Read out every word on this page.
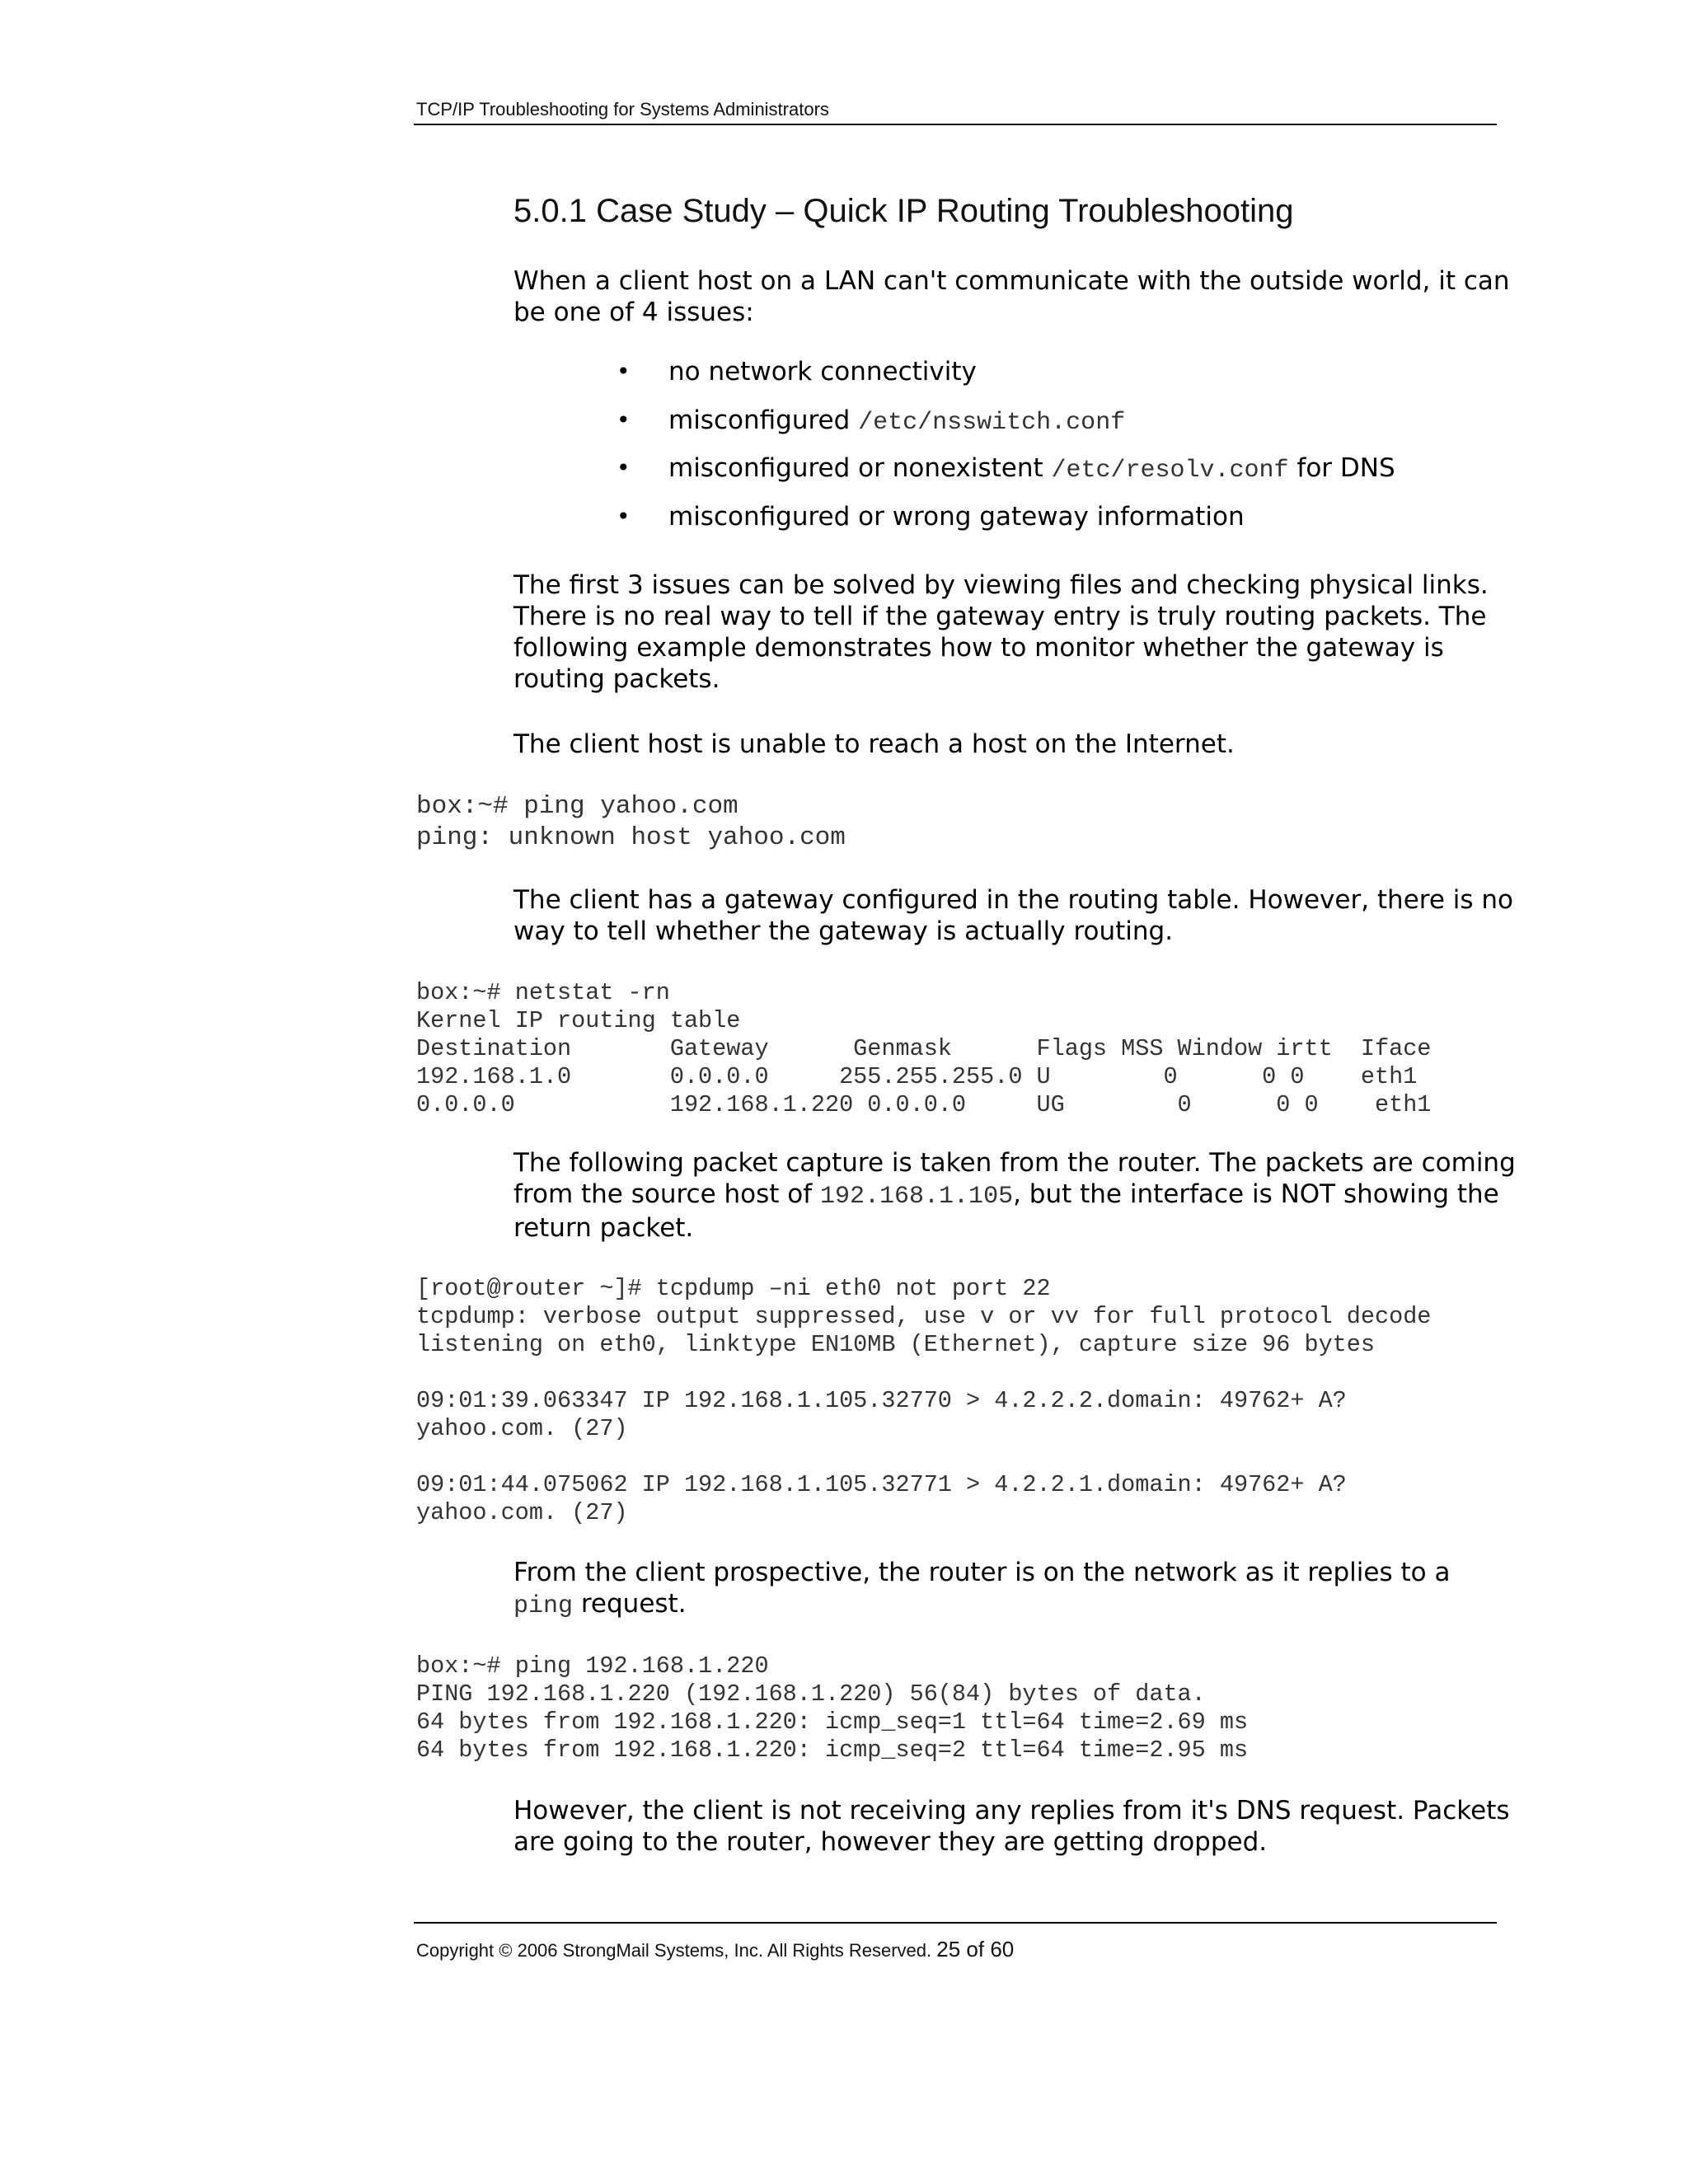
TCP/IP Troubleshooting for Systems Administrators
5.0.1 Case Study – Quick IP Routing Troubleshooting
When a client host on a LAN can't communicate with the outside world, it can
be one of 4 issues:
• no network connectivity
• misconfigured /etc/nsswitch.conf
• misconfigured or nonexistent /etc/resolv.conf for DNS
• misconfigured or wrong gateway information
The first 3 issues can be solved by viewing files and checking physical links.
There is no real way to tell if the gateway entry is truly routing packets. The
following example demonstrates how to monitor whether the gateway is
routing packets.
The client host is unable to reach a host on the Internet.
box:~# ping yahoo.com
ping: unknown host yahoo.com
The client has a gateway configured in the routing table. However, there is no
way to tell whether the gateway is actually routing.
box:~# netstat -rn
Kernel IP routing table
Destination       Gateway      Genmask      Flags MSS Window irtt  Iface
192.168.1.0       0.0.0.0     255.255.255.0 U        0      0 0    eth1
0.0.0.0           192.168.1.220 0.0.0.0     UG        0      0 0    eth1
The following packet capture is taken from the router. The packets are coming
from the source host of 192.168.1.105, but the interface is NOT showing the
return packet.
[root@router ~]# tcpdump –ni eth0 not port 22
tcpdump: verbose output suppressed, use v or vv for full protocol decode
listening on eth0, linktype EN10MB (Ethernet), capture size 96 bytes
09:01:39.063347 IP 192.168.1.105.32770 > 4.2.2.2.domain: 49762+ A?
yahoo.com. (27)
09:01:44.075062 IP 192.168.1.105.32771 > 4.2.2.1.domain: 49762+ A?
yahoo.com. (27)
From the client prospective, the router is on the network as it replies to a
ping request.
box:~# ping 192.168.1.220
PING 192.168.1.220 (192.168.1.220) 56(84) bytes of data.
64 bytes from 192.168.1.220: icmp_seq=1 ttl=64 time=2.69 ms
64 bytes from 192.168.1.220: icmp_seq=2 ttl=64 time=2.95 ms
However, the client is not receiving any replies from it's DNS request. Packets
are going to the router, however they are getting dropped.
Copyright © 2006 StrongMail Systems, Inc. All Rights Reserved. 25 of 60
